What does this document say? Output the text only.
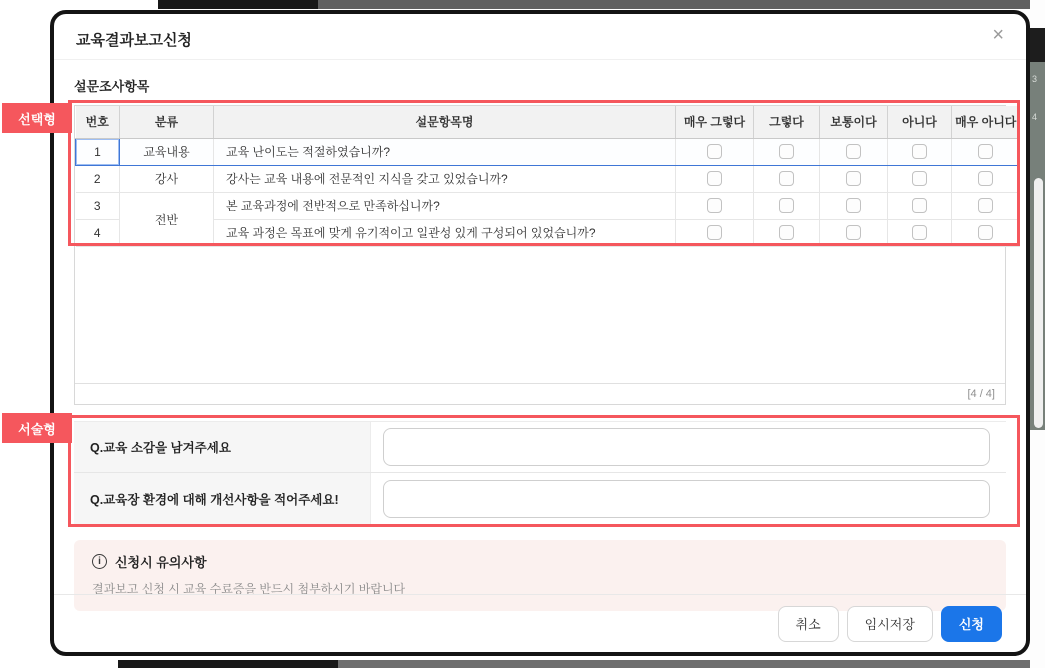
3
4
교육결과보고신청	×
설문조사항목
번호	분류	설문항목명	매우 그렇다	그렇다	보통이다	아니다	매우 아니다
1	교육내용	교육 난이도는 적절하였습니까?					
2	강사	강사는 교육 내용에 전문적인 지식을 갖고 있었습니까?					
3	전반	본 교육과정에 전반적으로 만족하십니까?					
4		교육 과정은 목표에 맞게 유기적이고 일관성 있게 구성되어 있었습니까?					
[4 / 4]
Q.교육 소감을 남겨주세요
Q.교육장 환경에 대해 개선사항을 적어주세요!
i	신청시 유의사항
결과보고 신청 시 교육 수료증을 반드시 첨부하시기 바랍니다
취소	임시저장	신청
선택형
서술형
